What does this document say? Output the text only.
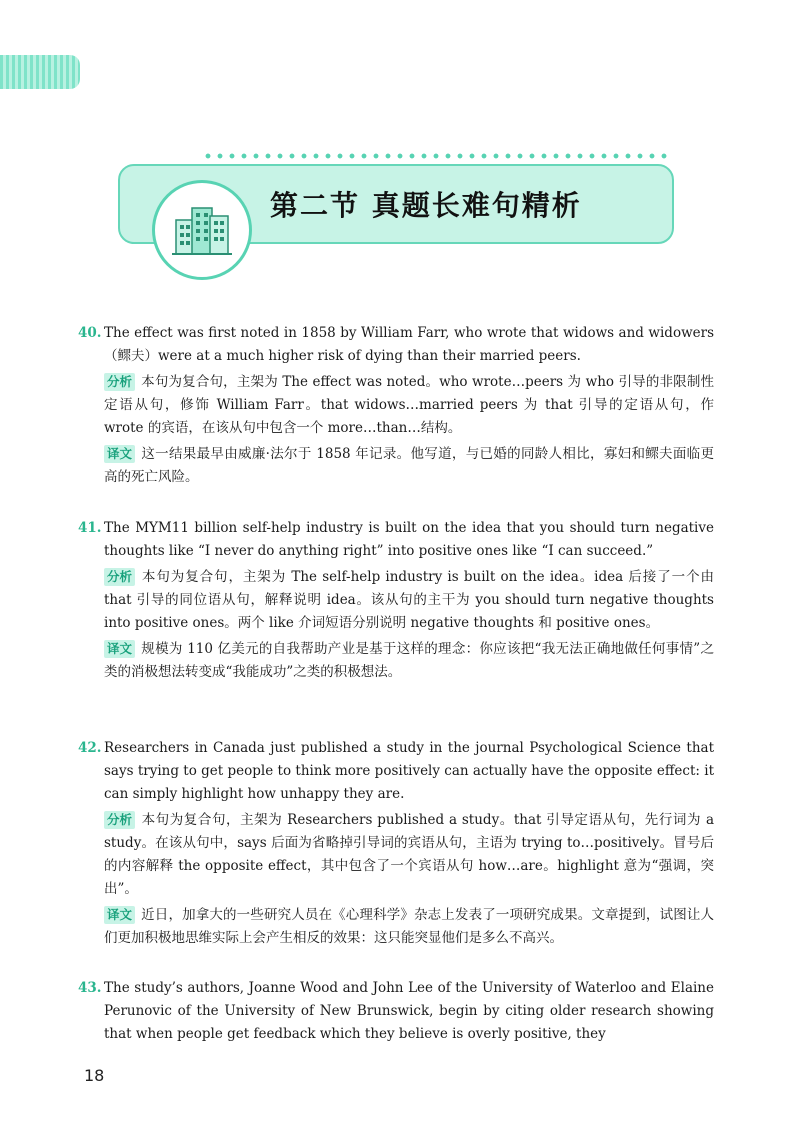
第二节 真题长难句精析

40. The effect was first noted in 1858 by William Farr, who wrote that widows and widowers（鳏夫）were at a much higher risk of dying than their married peers.

分析 本句为复合句，主架为 The effect was noted。who wrote…peers 为 who 引导的非限制性定语从句，修饰 William Farr。that widows…married peers 为 that 引导的定语从句，作 wrote 的宾语，在该从句中包含一个 more…than…结构。

译文 这一结果最早由威廉·法尔于 1858 年记录。他写道，与已婚的同龄人相比，寡妇和鳏夫面临更高的死亡风险。

41. The MYM11 billion self-help industry is built on the idea that you should turn negative thoughts like “I never do anything right” into positive ones like “I can succeed.”

分析 本句为复合句，主架为 The self-help industry is built on the idea。idea 后接了一个由 that 引导的同位语从句，解释说明 idea。该从句的主干为 you should turn negative thoughts into positive ones。两个 like 介词短语分别说明 negative thoughts 和 positive ones。

译文 规模为 110 亿美元的自我帮助产业是基于这样的理念：你应该把“我无法正确地做任何事情”之类的消极想法转变成“我能成功”之类的积极想法。

42. Researchers in Canada just published a study in the journal Psychological Science that says trying to get people to think more positively can actually have the opposite effect: it can simply highlight how unhappy they are.

分析 本句为复合句，主架为 Researchers published a study。that 引导定语从句，先行词为 a study。在该从句中，says 后面为省略掉引导词的宾语从句，主语为 trying to…positively。冒号后的内容解释 the opposite effect，其中包含了一个宾语从句 how…are。highlight 意为“强调，突出”。

译文 近日，加拿大的一些研究人员在《心理科学》杂志上发表了一项研究成果。文章提到，试图让人们更加积极地思维实际上会产生相反的效果：这只能突显他们是多么不高兴。

43. The study’s authors, Joanne Wood and John Lee of the University of Waterloo and Elaine Perunovic of the University of New Brunswick, begin by citing older research showing that when people get feedback which they believe is overly positive, they

18
